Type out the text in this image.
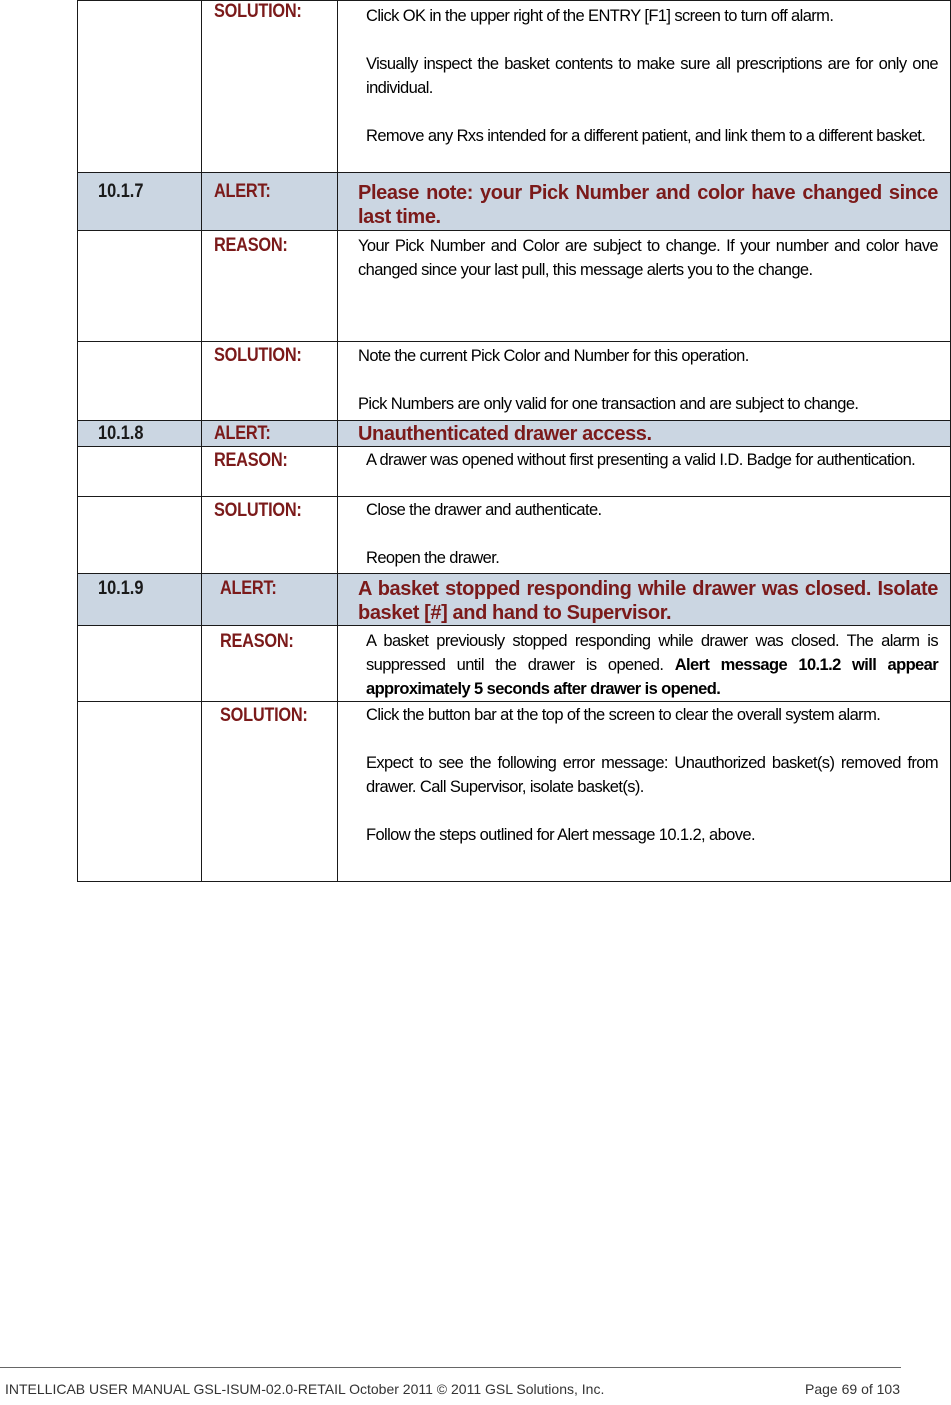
	SOLUTION:	Click OK in the upper right of the ENTRY [F1] screen to turn off alarm.

Visually inspect the basket contents to make sure all prescriptions are for only one individual.

Remove any Rxs intended for a different patient, and link them to a different basket.

10.1.7	ALERT:	Please note: your Pick Number and color have changed since last time.

	REASON:	Your Pick Number and Color are subject to change. If your number and color have changed since your last pull, this message alerts you to the change.

	SOLUTION:	Note the current Pick Color and Number for this operation.

Pick Numbers are only valid for one transaction and are subject to change.

10.1.8	ALERT:	Unauthenticated drawer access.

	REASON:	A drawer was opened without first presenting a valid I.D. Badge for authentication.

	SOLUTION:	Close the drawer and authenticate.

Reopen the drawer.

10.1.9	ALERT:	A basket stopped responding while drawer was closed. Isolate basket [#] and hand to Supervisor.

	REASON:	A basket previously stopped responding while drawer was closed. The alarm is suppressed until the drawer is opened. Alert message 10.1.2 will appear approximately 5 seconds after drawer is opened.

	SOLUTION:	Click the button bar at the top of the screen to clear the overall system alarm.

Expect to see the following error message: Unauthorized basket(s) removed from drawer. Call Supervisor, isolate basket(s).

Follow the steps outlined for Alert message 10.1.2, above.

INTELLICAB USER MANUAL GSL-ISUM-02.0-RETAIL October 2011 © 2011 GSL Solutions, Inc.	Page 69 of 103
